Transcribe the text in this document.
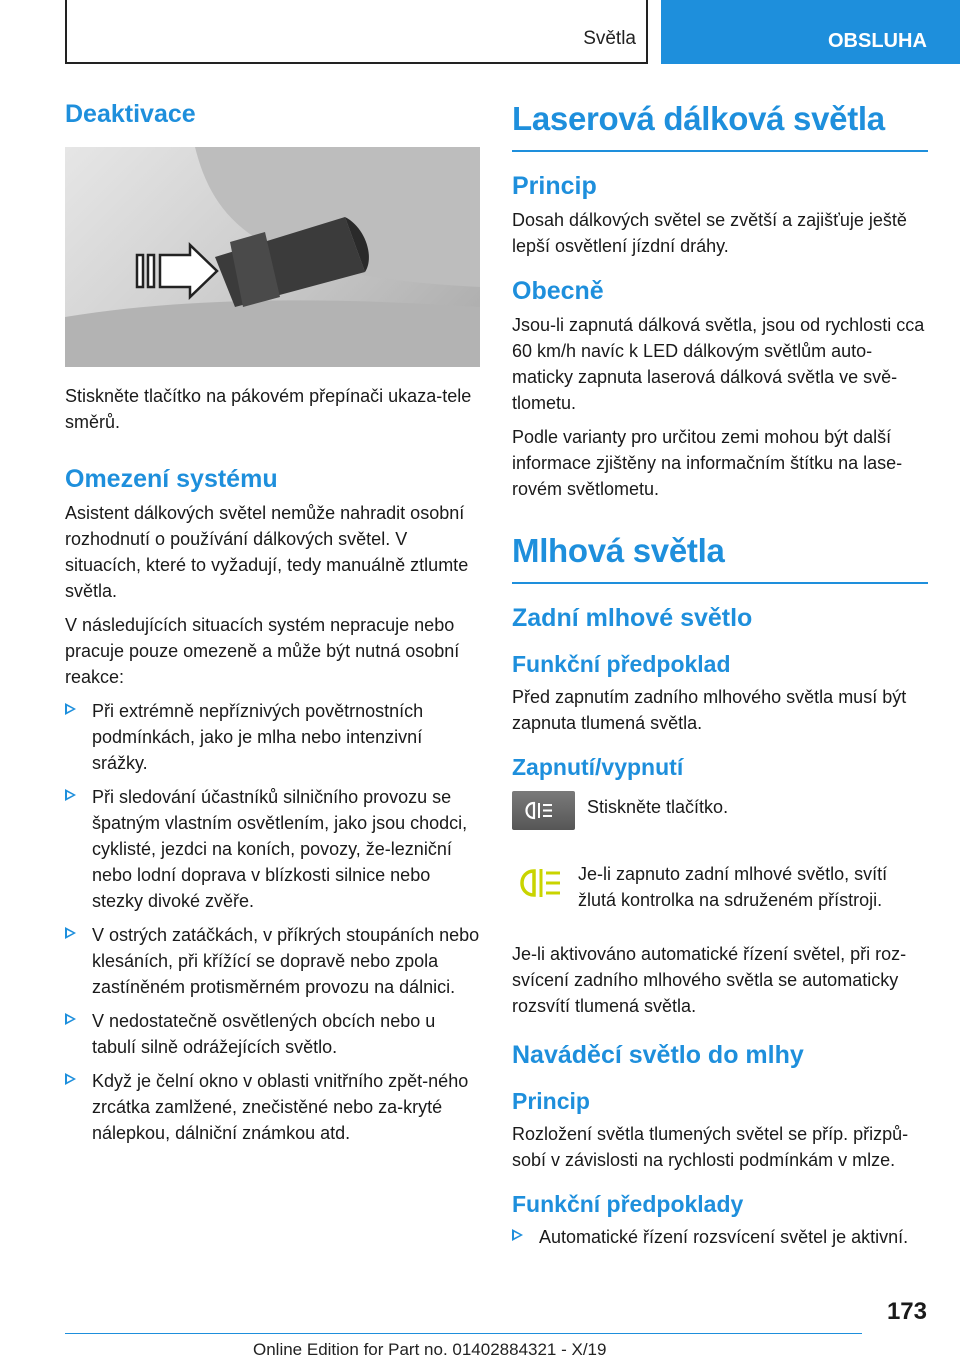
Světla	OBSLUHA
Deaktivace

Stiskněte tlačítko na pákovém přepínači ukaza-tele směrů.

Omezení systému

Asistent dálkových světel nemůže nahradit osobní rozhodnutí o používání dálkových světel. V situacích, které to vyžadují, tedy manuálně ztlumte světla.

V následujících situacích systém nepracuje nebo pracuje pouze omezeně a může být nutná osobní reakce:

Při extrémně nepříznivých povětrnostních podmínkách, jako je mlha nebo intenzivní srážky.

Při sledování účastníků silničního provozu se špatným vlastním osvětlením, jako jsou chodci, cyklisté, jezdci na koních, povozy, že-lezniční nebo lodní doprava v blízkosti silnice nebo stezky divoké zvěře.

V ostrých zatáčkách, v příkrých stoupáních nebo klesáních, při křížící se dopravě nebo zpola zastíněném protisměrném provozu na dálnici.

V nedostatečně osvětlených obcích nebo u tabulí silně odrážejících světlo.

Když je čelní okno v oblasti vnitřního zpět-ného zrcátka zamlžené, znečistěné nebo za-kryté nálepkou, dálniční známkou atd.

Laserová dálková světla
Princip

Dosah dálkových světel se zvětší a zajišťuje ještě lepší osvětlení jízdní dráhy.

Obecně

Jsou-li zapnutá dálková světla, jsou od rychlosti cca 60 km/h navíc k LED dálkovým světlům auto-maticky zapnuta laserová dálková světla ve svě-tlometu.

Podle varianty pro určitou zemi mohou být další informace zjištěny na informačním štítku na lase-rovém světlometu.

Mlhová světla
Zadní mlhové světlo
Funkční předpoklad

Před zapnutím zadního mlhového světla musí být zapnuta tlumená světla.

Zapnutí/vypnutí

Stiskněte tlačítko.

Je-li zapnuto zadní mlhové světlo, svítí žlutá kontrolka na sdruženém přístroji.

Je-li aktivováno automatické řízení světel, při roz-svícení zadního mlhového světla se automaticky rozsvítí tlumená světla.

Naváděcí světlo do mlhy
Princip

Rozložení světla tlumených světel se příp. přizpů-sobí v závislosti na rychlosti podmínkám v mlze.

Funkční předpoklady

Automatické řízení rozsvícení světel je aktivní.

173
Online Edition for Part no. 01402884321 - X/19
